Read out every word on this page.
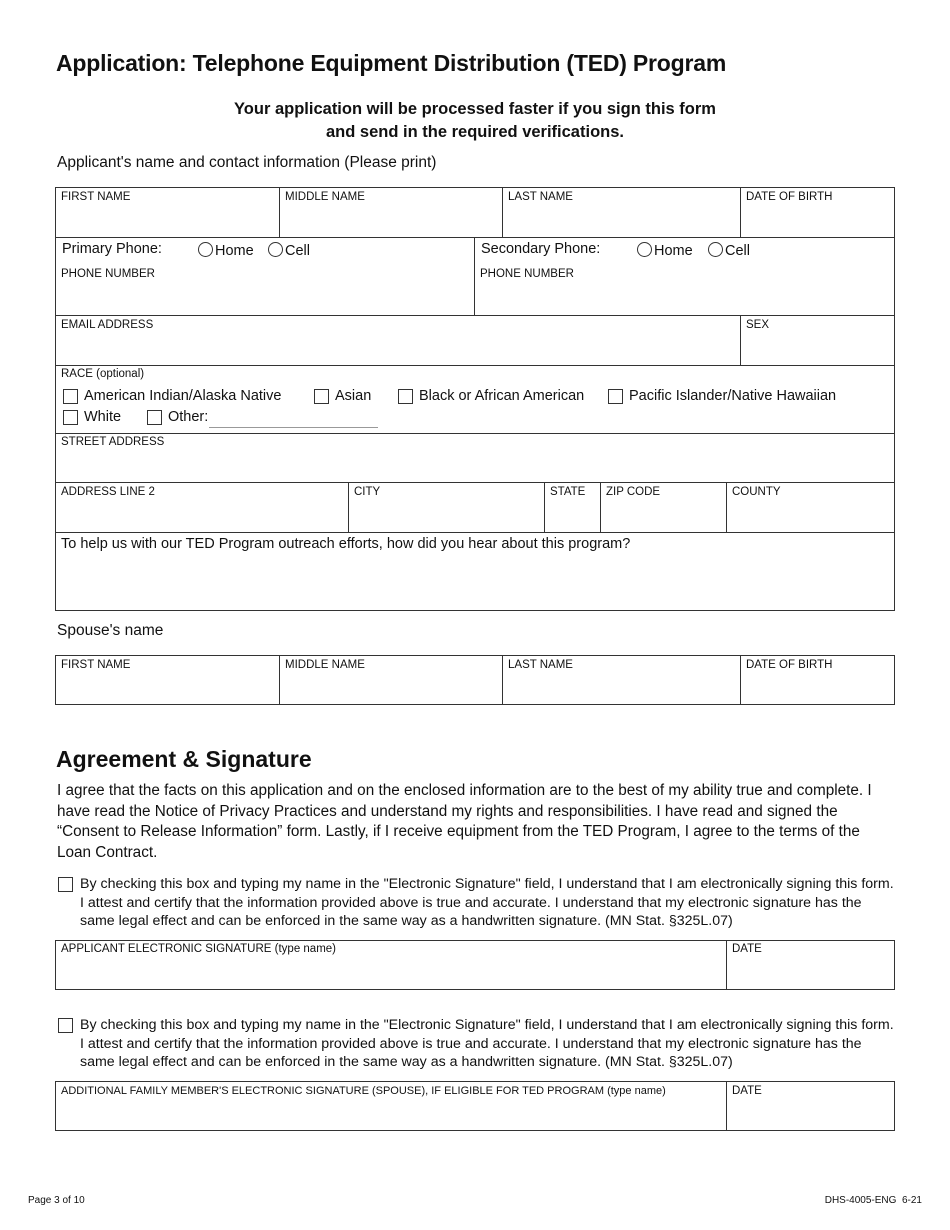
Application: Telephone Equipment Distribution (TED) Program
Your application will be processed faster if you sign this form
and send in the required verifications.
Applicant's name and contact information (Please print)
FIRST NAME	MIDDLE NAME	LAST NAME	DATE OF BIRTH
Primary Phone:	Home	Cell
PHONE NUMBER
Secondary Phone:	Home	Cell
PHONE NUMBER
EMAIL ADDRESS	SEX
RACE (optional)
American Indian/Alaska Native	Asian	Black or African American	Pacific Islander/Native Hawaiian
White	Other:
STREET ADDRESS
ADDRESS LINE 2	CITY	STATE ZIP CODE	COUNTY
To help us with our TED Program outreach efforts, how did you hear about this program?
Spouse's name
FIRST NAME	MIDDLE NAME	LAST NAME	DATE OF BIRTH
Agreement & Signature

I agree that the facts on this application and on the enclosed information are to the best of my ability true and complete. I have read the Notice of Privacy Practices and understand my rights and responsibilities. I have read and signed the “Consent to Release Information” form. Lastly, if I receive equipment from the TED Program, I agree to the terms of the Loan Contract.

By checking this box and typing my name in the "Electronic Signature" field, I understand that I am electronically signing this form. I attest and certify that the information provided above is true and accurate. I understand that my electronic signature has the same legal effect and can be enforced in the same way as a handwritten signature. (MN Stat. §325L.07)

APPLICANT ELECTRONIC SIGNATURE (type name)	DATE

By checking this box and typing my name in the "Electronic Signature" field, I understand that I am electronically signing this form. I attest and certify that the information provided above is true and accurate. I understand that my electronic signature has the same legal effect and can be enforced in the same way as a handwritten signature. (MN Stat. §325L.07)

ADDITIONAL FAMILY MEMBER'S ELECTRONIC SIGNATURE (SPOUSE), IF ELIGIBLE FOR TED PROGRAM (type name)	DATE
Page 3 of 10	DHS-4005-ENG  6-21
